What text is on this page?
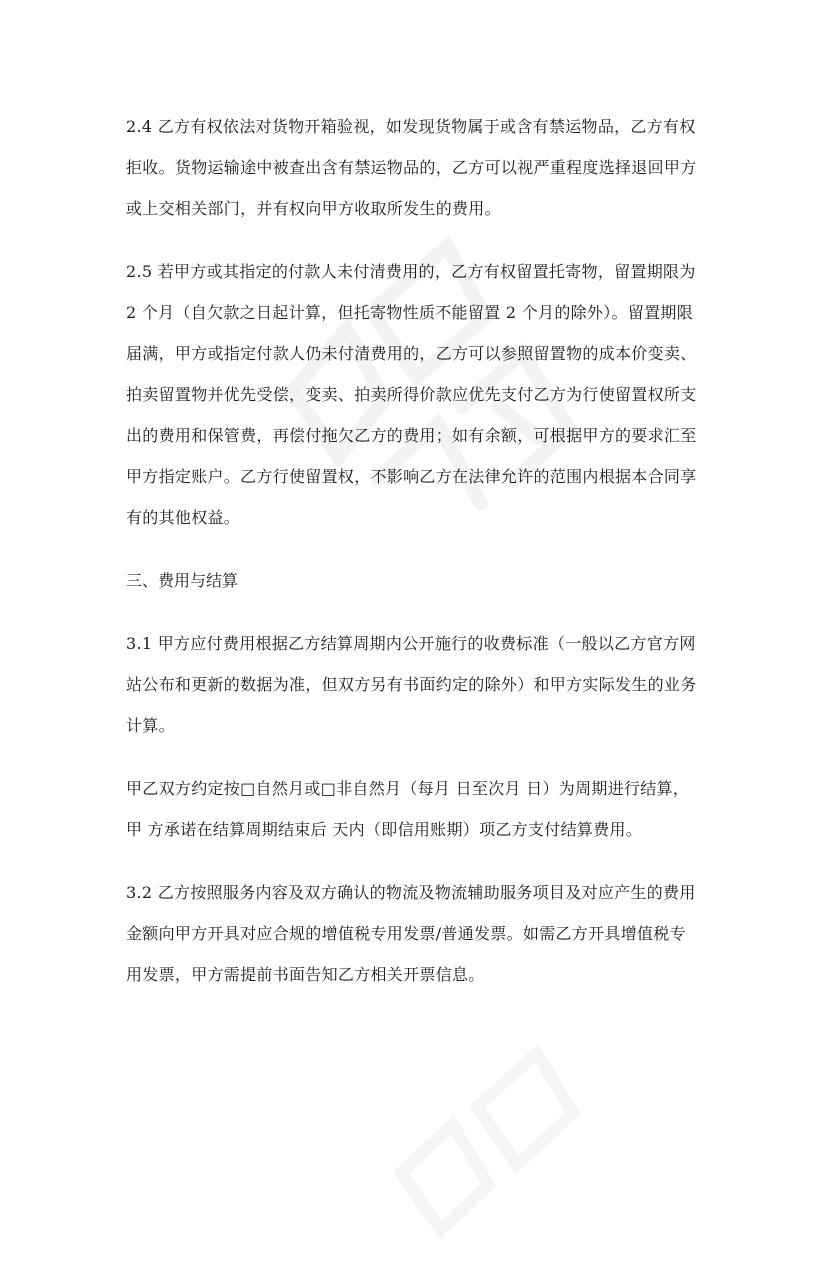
2.4 乙方有权依法对货物开箱验视，如发现货物属于或含有禁运物品，乙方有权
拒收。货物运输途中被查出含有禁运物品的，乙方可以视严重程度选择退回甲方
或上交相关部门，并有权向甲方收取所发生的费用。
2.5 若甲方或其指定的付款人未付清费用的，乙方有权留置托寄物，留置期限为
2 个月（自欠款之日起计算，但托寄物性质不能留置 2 个月的除外）。留置期限
届满，甲方或指定付款人仍未付清费用的，乙方可以参照留置物的成本价变卖、
拍卖留置物并优先受偿，变卖、拍卖所得价款应优先支付乙方为行使留置权所支
出的费用和保管费，再偿付拖欠乙方的费用；如有余额，可根据甲方的要求汇至
甲方指定账户。乙方行使留置权，不影响乙方在法律允许的范围内根据本合同享
有的其他权益。
三、费用与结算
3.1 甲方应付费用根据乙方结算周期内公开施行的收费标准（一般以乙方官方网
站公布和更新的数据为准，但双方另有书面约定的除外）和甲方实际发生的业务
计算。
甲乙双方约定按□自然月或□非自然月（每月 日至次月 日）为周期进行结算，
甲 方承诺在结算周期结束后 天内（即信用账期）项乙方支付结算费用。
3.2 乙方按照服务内容及双方确认的物流及物流辅助服务项目及对应产生的费用
金额向甲方开具对应合规的增值税专用发票/普通发票。如需乙方开具增值税专
用发票，甲方需提前书面告知乙方相关开票信息。
